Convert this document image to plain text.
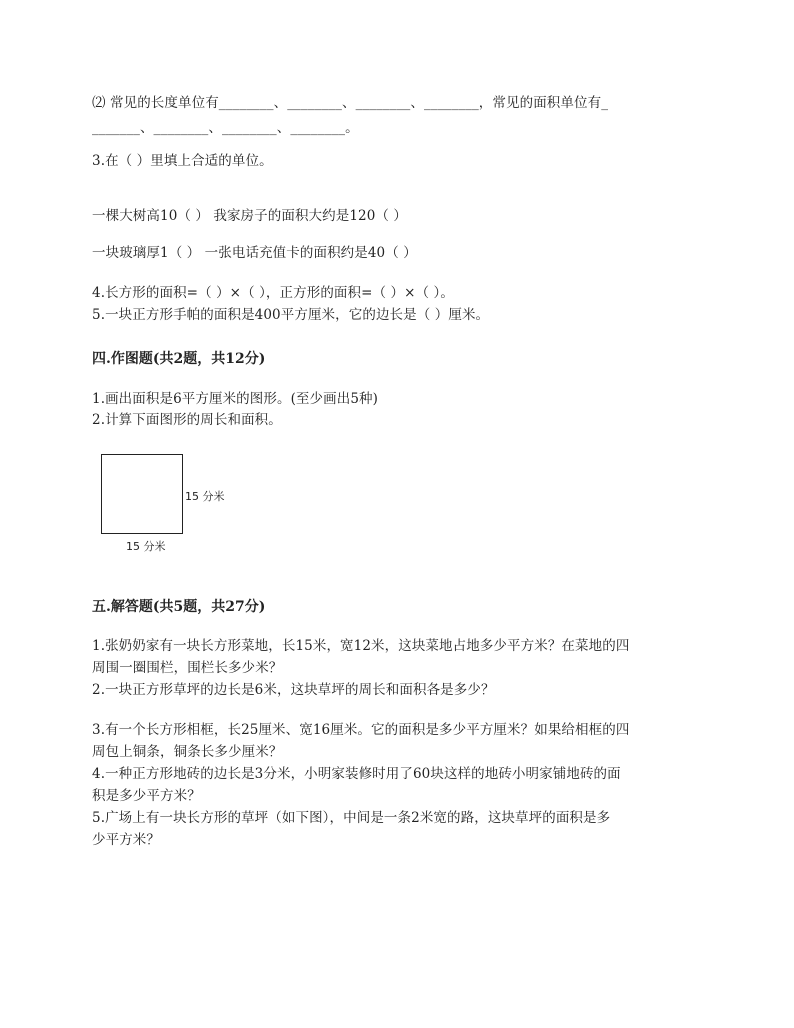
⑵ 常见的长度单位有________、________、________、________，常见的面积单位有_
_______、________、________、________。
3.在（ ）里填上合适的单位。
一棵大树高10（ ） 我家房子的面积大约是120（ ）
一块玻璃厚1（ ） 一张电话充值卡的面积约是40（ ）
4.长方形的面积=（ ）×（ ），正方形的面积=（ ）×（ ）。
5.一块正方形手帕的面积是400平方厘米，它的边长是（ ）厘米。
四.作图题(共2题，共12分)
1.画出面积是6平方厘米的图形。(至少画出5种)
2.计算下面图形的周长和面积。
15 分米
15 分米
五.解答题(共5题，共27分)
1.张奶奶家有一块长方形菜地，长15米，宽12米，这块菜地占地多少平方米？在菜地的四
周围一圈围栏，围栏长多少米？
2.一块正方形草坪的边长是6米，这块草坪的周长和面积各是多少？
3.有一个长方形相框，长25厘米、宽16厘米。它的面积是多少平方厘米？如果给相框的四
周包上铜条，铜条长多少厘米？
4.一种正方形地砖的边长是3分米，小明家装修时用了60块这样的地砖小明家铺地砖的面
积是多少平方米？
5.广场上有一块长方形的草坪（如下图），中间是一条2米宽的路，这块草坪的面积是多
少平方米？
